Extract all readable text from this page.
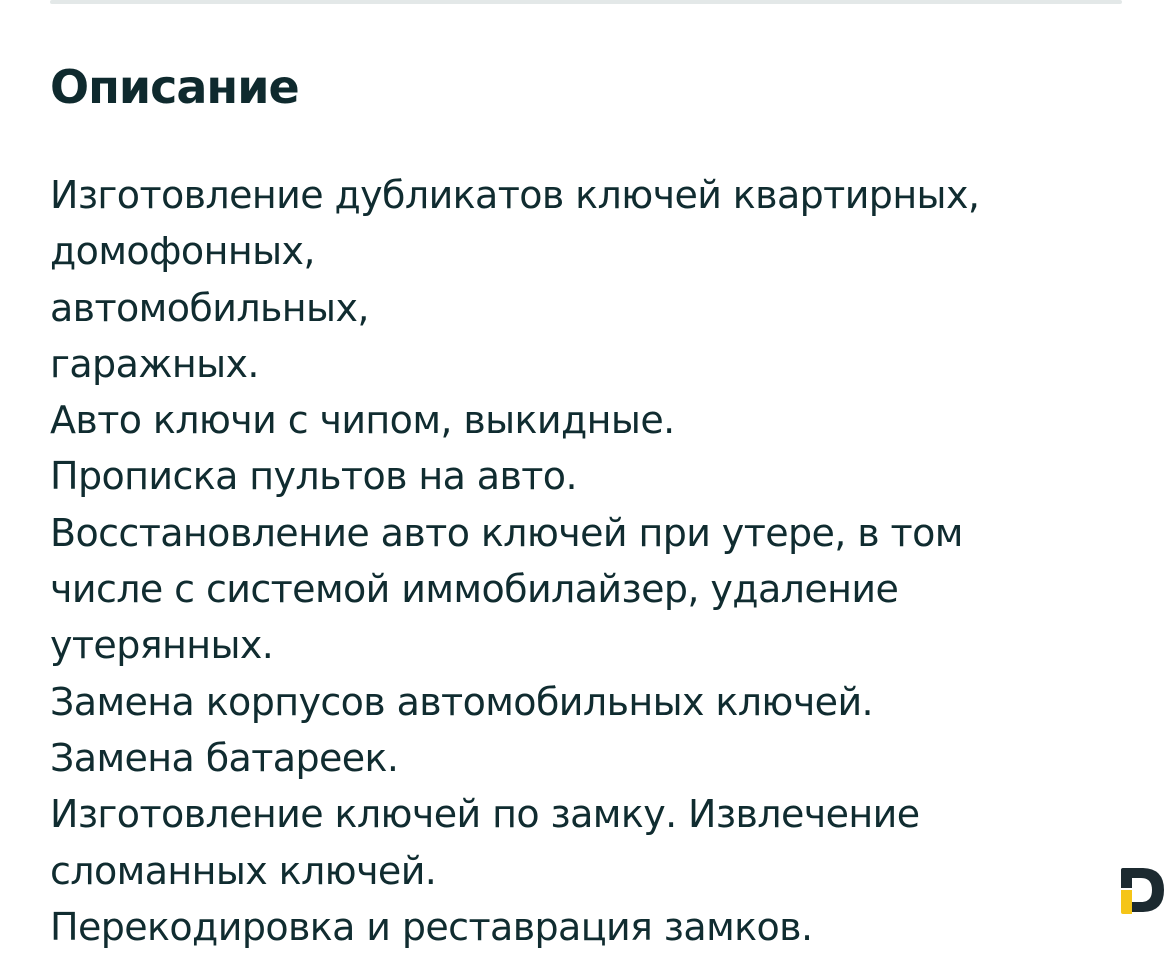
Описание
Изготовление дубликатов ключей квартирных,
домофонных,
автомобильных,
гаражных.
Авто ключи с чипом, выкидные.
Прописка пультов на авто.
Восстановление авто ключей при утере, в том
числе с системой иммобилайзер, удаление
утерянных.
Замена корпусов автомобильных ключей.
Замена батареек.
Изготовление ключей по замку. Извлечение
сломанных ключей.
Перекодировка и реставрация замков.
